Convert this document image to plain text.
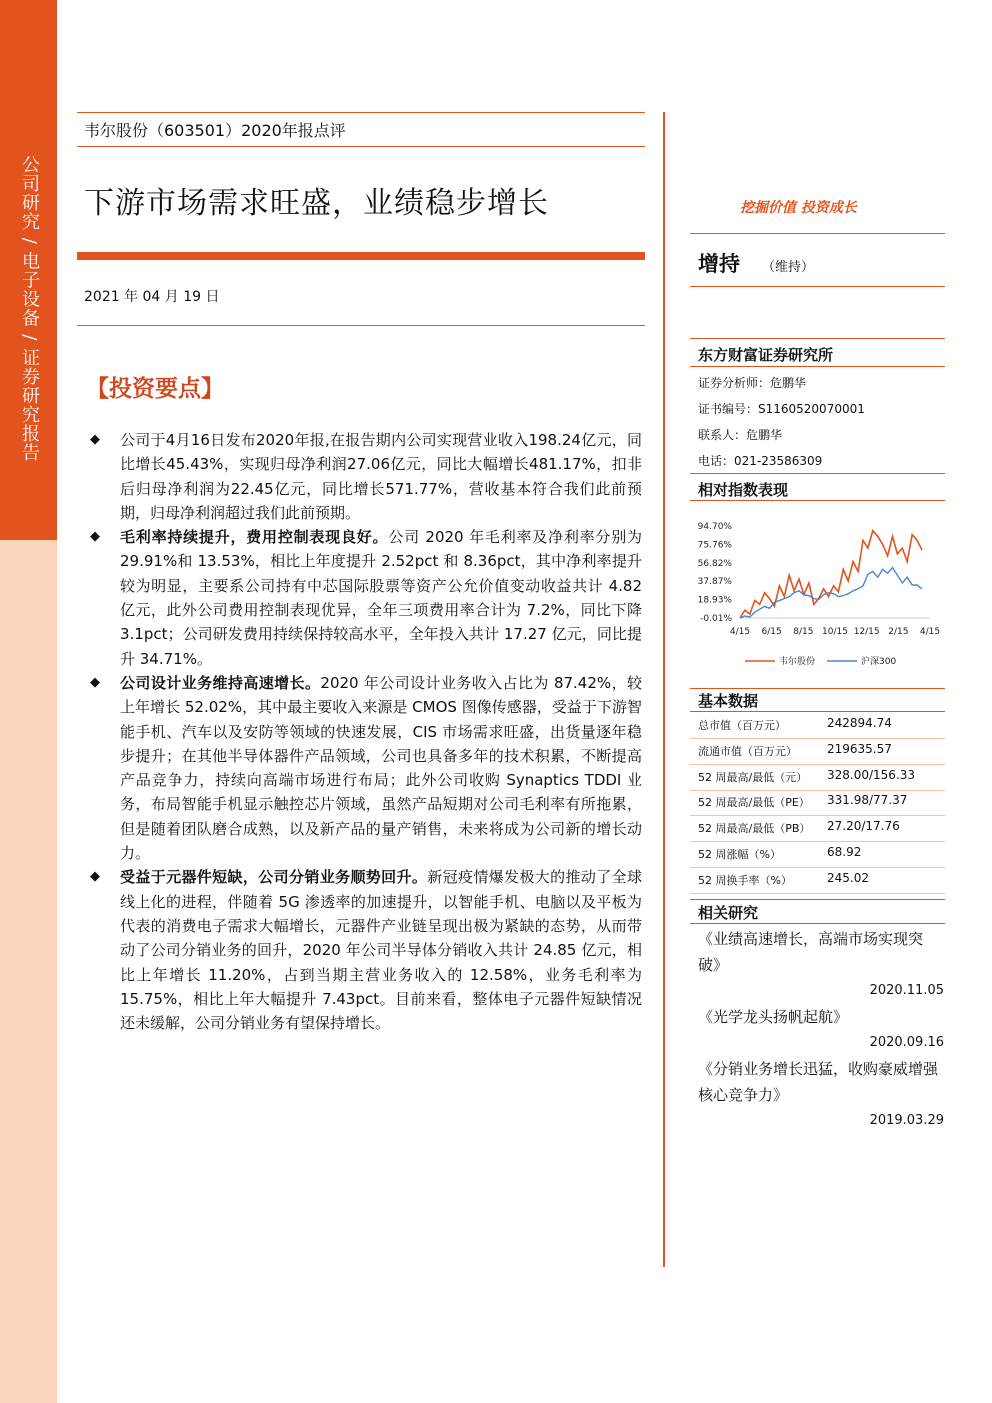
公司研究 / 电子设备 / 证券研究报告
韦尔股份（603501）2020年报点评
下游市场需求旺盛，业绩稳步增长
2021 年 04 月 19 日
【投资要点】
◆ 公司于4月16日发布2020年报,在报告期内公司实现营业收入198.24亿元，同比增长45.43%，实现归母净利润27.06亿元，同比大幅增长481.17%，扣非后归母净利润为22.45亿元，同比增长571.77%，营收基本符合我们此前预期，归母净利润超过我们此前预期。
◆ 毛利率持续提升，费用控制表现良好。公司 2020 年毛利率及净利率分别为 29.91%和 13.53%，相比上年度提升 2.52pct 和 8.36pct，其中净利率提升较为明显，主要系公司持有中芯国际股票等资产公允价值变动收益共计 4.82 亿元，此外公司费用控制表现优异，全年三项费用率合计为 7.2%，同比下降 3.1pct；公司研发费用持续保持较高水平，全年投入共计 17.27 亿元，同比提升 34.71%。
◆ 公司设计业务维持高速增长。2020 年公司设计业务收入占比为 87.42%，较上年增长 52.02%，其中最主要收入来源是 CMOS 图像传感器，受益于下游智能手机、汽车以及安防等领域的快速发展，CIS 市场需求旺盛，出货量逐年稳步提升；在其他半导体器件产品领域，公司也具备多年的技术积累，不断提高产品竞争力，持续向高端市场进行布局；此外公司收购 Synaptics TDDI 业务，布局智能手机显示触控芯片领域，虽然产品短期对公司毛利率有所拖累，但是随着团队磨合成熟，以及新产品的量产销售，未来将成为公司新的增长动力。
◆ 受益于元器件短缺，公司分销业务顺势回升。新冠疫情爆发极大的推动了全球线上化的进程，伴随着 5G 渗透率的加速提升，以智能手机、电脑以及平板为代表的消费电子需求大幅增长，元器件产业链呈现出极为紧缺的态势，从而带动了公司分销业务的回升，2020 年公司半导体分销收入共计 24.85 亿元，相比上年增长 11.20%，占到当期主营业务收入的 12.58%，业务毛利率为 15.75%，相比上年大幅提升 7.43pct。目前来看，整体电子元器件短缺情况还未缓解，公司分销业务有望保持增长。
挖掘价值 投资成长
增持 （维持）
东方财富证券研究所
证券分析师：危鹏华
证书编号：S1160520070001
联系人：危鹏华
电话：021-23586309
相对指数表现
94.70%
75.76%
56.82%
37.87%
18.93%
-0.01%
4/15 6/15 8/15 10/15 12/15 2/15 4/15
韦尔股份	沪深300
基本数据
总市值（百万元）	242894.74
流通市值（百万元）	219635.57
52 周最高/最低（元） 328.00/156.33
52 周最高/最低（PE） 331.98/77.37
52 周最高/最低（PB） 27.20/17.76
52 周涨幅（%）	68.92
52 周换手率（%）	245.02
相关研究
《业绩高速增长，高端市场实现突破》
2020.11.05
《光学龙头扬帆起航》
2020.09.16
《分销业务增长迅猛，收购豪威增强核心竞争力》
2019.03.29
